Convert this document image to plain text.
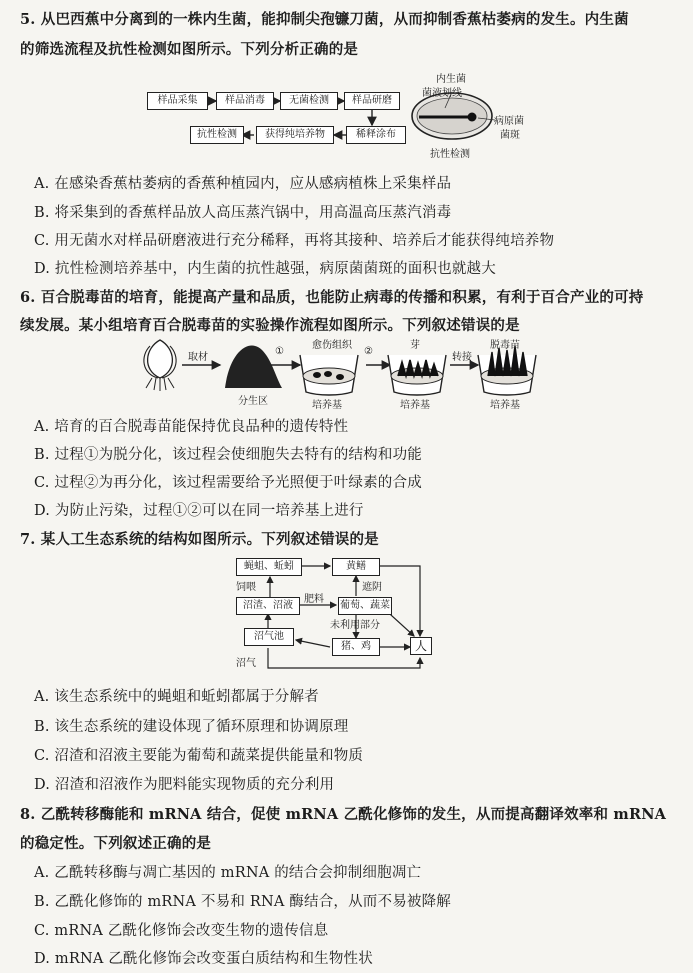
5. 从巴西蕉中分离到的一株内生菌，能抑制尖孢镰刀菌，从而抑制香蕉枯萎病的发生。内生菌
的筛选流程及抗性检测如图所示。下列分析正确的是
样品采集	样品消毒	无菌检测	样品研磨
抗性检测	获得纯培养物	稀释涂布
内生菌
菌液划线
病原菌
菌斑
抗性检测
A. 在感染香蕉枯萎病的香蕉种植园内，应从感病植株上采集样品
B. 将采集到的香蕉样品放人高压蒸汽锅中，用高温高压蒸汽消毒
C. 用无菌水对样品研磨液进行充分稀释，再将其接种、培养后才能获得纯培养物
D. 抗性检测培养基中，内生菌的抗性越强，病原菌菌斑的面积也就越大
6. 百合脱毒苗的培育，能提高产量和品质，也能防止病毒的传播和积累，有利于百合产业的可持
续发展。某小组培育百合脱毒苗的实验操作流程如图所示。下列叙述错误的是
取材
分生区
①
愈伤组织
②
芽
转接
脱毒苗
培养基	培养基	培养基
A. 培育的百合脱毒苗能保持优良品种的遗传特性
B. 过程①为脱分化，该过程会使细胞失去特有的结构和功能
C. 过程②为再分化，该过程需要给予光照便于叶绿素的合成
D. 为防止污染，过程①②可以在同一培养基上进行
7. 某人工生态系统的结构如图所示。下列叙述错误的是
蝇蛆、蚯蚓	黄鳝
沼渣、沼液	葡萄、蔬菜
沼气池
猪、鸡	人
饲喂
肥料
遮阴
未利用部分
沼气
A. 该生态系统中的蝇蛆和蚯蚓都属于分解者
B. 该生态系统的建设体现了循环原理和协调原理
C. 沼渣和沼液主要能为葡萄和蔬菜提供能量和物质
D. 沼渣和沼液作为肥料能实现物质的充分利用
8. 乙酰转移酶能和 mRNA 结合，促使 mRNA 乙酰化修饰的发生，从而提高翻译效率和 mRNA
的稳定性。下列叙述正确的是
A. 乙酰转移酶与凋亡基因的 mRNA 的结合会抑制细胞凋亡
B. 乙酰化修饰的 mRNA 不易和 RNA 酶结合，从而不易被降解
C. mRNA 乙酰化修饰会改变生物的遗传信息
D. mRNA 乙酰化修饰会改变蛋白质结构和生物性状
